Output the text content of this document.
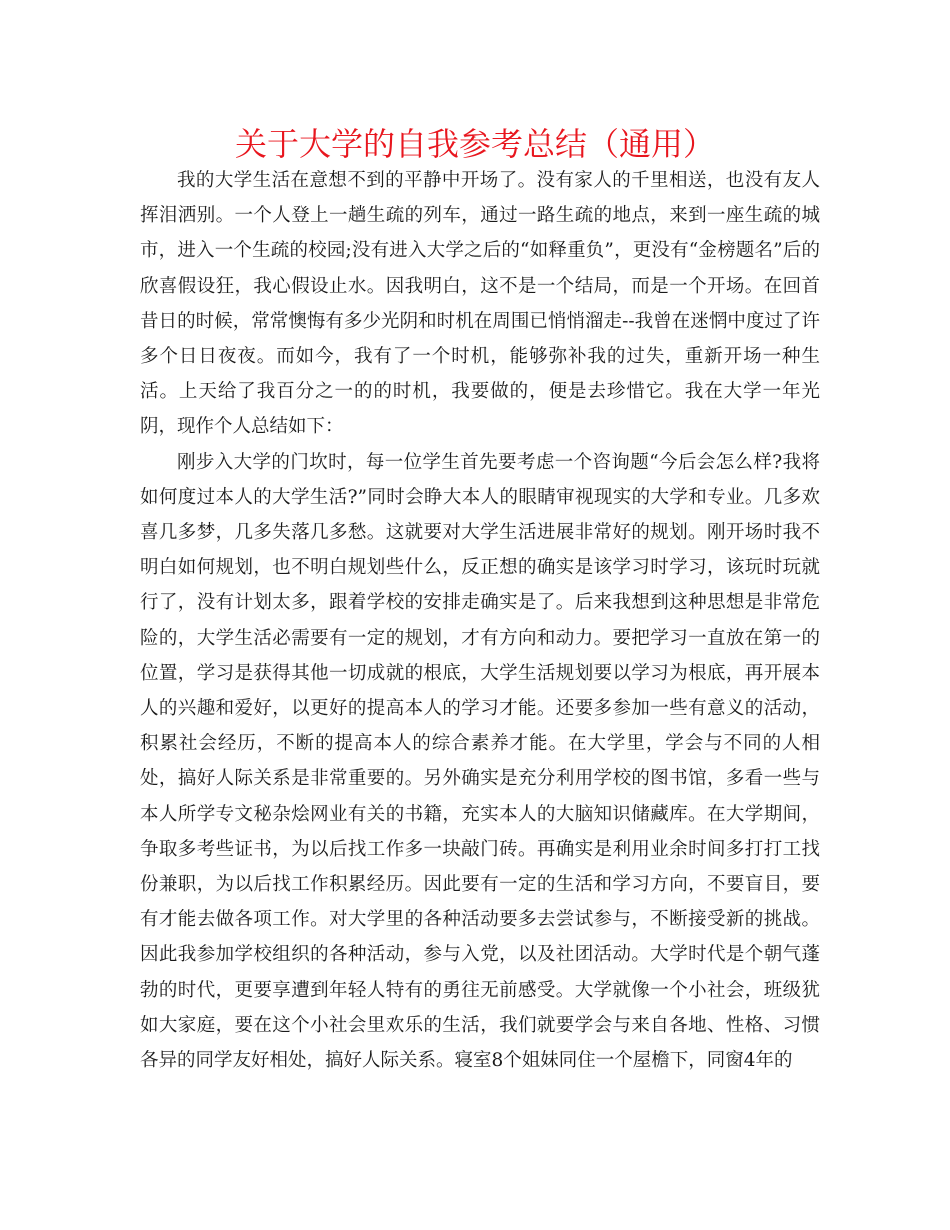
关于大学的自我参考总结（通用）

我的大学生活在意想不到的平静中开场了。没有家人的千里相送，也没有友人挥泪洒别。一个人登上一趟生疏的列车，通过一路生疏的地点，来到一座生疏的城市，进入一个生疏的校园;没有进入大学之后的“如释重负”，更没有“金榜题名”后的欣喜假设狂，我心假设止水。因我明白，这不是一个结局，而是一个开场。在回首昔日的时候，常常懊悔有多少光阴和时机在周围已悄悄溜走--我曾在迷惘中度过了许多个日日夜夜。而如今，我有了一个时机，能够弥补我的过失，重新开场一种生活。上天给了我百分之一的的时机，我要做的，便是去珍惜它。我在大学一年光阴，现作个人总结如下：

刚步入大学的门坎时，每一位学生首先要考虑一个咨询题“今后会怎么样?我将如何度过本人的大学生活?”同时会睁大本人的眼睛审视现实的大学和专业。几多欢喜几多梦，几多失落几多愁。这就要对大学生活进展非常好的规划。刚开场时我不明白如何规划，也不明白规划些什么，反正想的确实是该学习时学习，该玩时玩就行了，没有计划太多，跟着学校的安排走确实是了。后来我想到这种思想是非常危险的，大学生活必需要有一定的规划，才有方向和动力。要把学习一直放在第一的位置，学习是获得其他一切成就的根底，大学生活规划要以学习为根底，再开展本人的兴趣和爱好，以更好的提高本人的学习才能。还要多参加一些有意义的活动，积累社会经历，不断的提高本人的综合素养才能。在大学里，学会与不同的人相处，搞好人际关系是非常重要的。另外确实是充分利用学校的图书馆，多看一些与本人所学专文秘杂烩网业有关的书籍，充实本人的大脑知识储藏库。在大学期间，争取多考些证书，为以后找工作多一块敲门砖。再确实是利用业余时间多打打工找份兼职，为以后找工作积累经历。因此要有一定的生活和学习方向，不要盲目，要有才能去做各项工作。对大学里的各种活动要多去尝试参与，不断接受新的挑战。因此我参加学校组织的各种活动，参与入党，以及社团活动。大学时代是个朝气蓬勃的时代，更要享遭到年轻人特有的勇往无前感受。大学就像一个小社会，班级犹如大家庭，要在这个小社会里欢乐的生活，我们就要学会与来自各地、性格、习惯各异的同学友好相处，搞好人际关系。寝室8个姐妹同住一个屋檐下，同窗4年的
